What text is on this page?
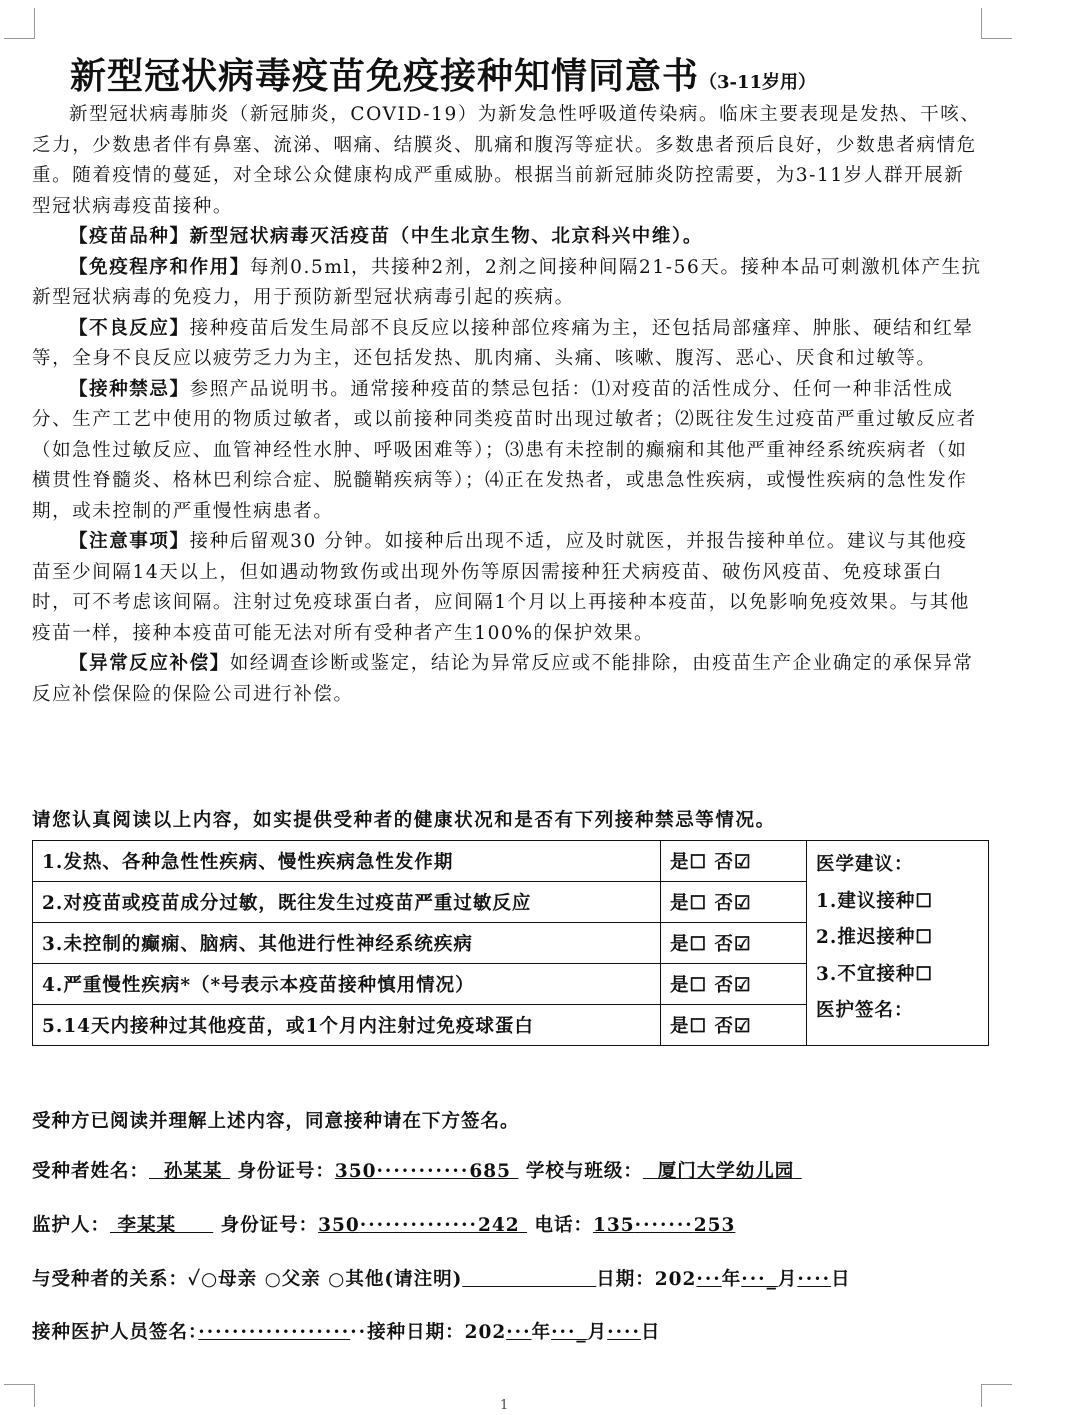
新型冠状病毒疫苗免疫接种知情同意书（3-11岁用）

新型冠状病毒肺炎（新冠肺炎，COVID-19）为新发急性呼吸道传染病。临床主要表现是发热、干咳、乏力，少数患者伴有鼻塞、流涕、咽痛、结膜炎、肌痛和腹泻等症状。多数患者预后良好，少数患者病情危重。随着疫情的蔓延，对全球公众健康构成严重威胁。根据当前新冠肺炎防控需要，为3-11岁人群开展新型冠状病毒疫苗接种。

【疫苗品种】新型冠状病毒灭活疫苗（中生北京生物、北京科兴中维）。

【免疫程序和作用】每剂0.5ml，共接种2剂，2剂之间接种间隔21-56天。接种本品可刺激机体产生抗新型冠状病毒的免疫力，用于预防新型冠状病毒引起的疾病。

【不良反应】接种疫苗后发生局部不良反应以接种部位疼痛为主，还包括局部瘙痒、肿胀、硬结和红晕等，全身不良反应以疲劳乏力为主，还包括发热、肌肉痛、头痛、咳嗽、腹泻、恶心、厌食和过敏等。

【接种禁忌】参照产品说明书。通常接种疫苗的禁忌包括：⑴对疫苗的活性成分、任何一种非活性成分、生产工艺中使用的物质过敏者，或以前接种同类疫苗时出现过敏者；⑵既往发生过疫苗严重过敏反应者（如急性过敏反应、血管神经性水肿、呼吸困难等）；⑶患有未控制的癫痫和其他严重神经系统疾病者（如横贯性脊髓炎、格林巴利综合症、脱髓鞘疾病等）；⑷正在发热者，或患急性疾病，或慢性疾病的急性发作期，或未控制的严重慢性病患者。

【注意事项】接种后留观30 分钟。如接种后出现不适，应及时就医，并报告接种单位。建议与其他疫苗至少间隔14天以上，但如遇动物致伤或出现外伤等原因需接种狂犬病疫苗、破伤风疫苗、免疫球蛋白时，可不考虑该间隔。注射过免疫球蛋白者，应间隔1个月以上再接种本疫苗，以免影响免疫效果。与其他疫苗一样，接种本疫苗可能无法对所有受种者产生100%的保护效果。

【异常反应补偿】如经调查诊断或鉴定，结论为异常反应或不能排除，由疫苗生产企业确定的承保异常反应补偿保险的保险公司进行补偿。

请您认真阅读以上内容，如实提供受种者的健康状况和是否有下列接种禁忌等情况。
1.发热、各种急性性疾病、慢性疾病急性发作期	是☐ 否☑	医学建议：
1.建议接种☐
2.推迟接种☐
3.不宜接种☐
医护签名：

2.对疫苗或疫苗成分过敏，既往发生过疫苗严重过敏反应	是☐ 否☑	
3.未控制的癫痫、脑病、其他进行性神经系统疾病	是☐ 否☑	
4.严重慢性疾病*（*号表示本疫苗接种慎用情况）	是☐ 否☑	
5.14天内接种过其他疫苗，或1个月内注射过免疫球蛋白	是☐ 否☑	
受种方已阅读并理解上述内容，同意接种请在下方签名。
受种者姓名： 孙某某 身份证号：350···········685 学校与班级： 厦门大学幼儿园
监护人： 李某某 身份证号：350··············242 电话：135·······253
与受种者的关系：✓○母亲 ○父亲 ○其他(请注明)	日期：202···年···_月····日
接种医护人员签名：····················接种日期：202···年···_月····日
1
